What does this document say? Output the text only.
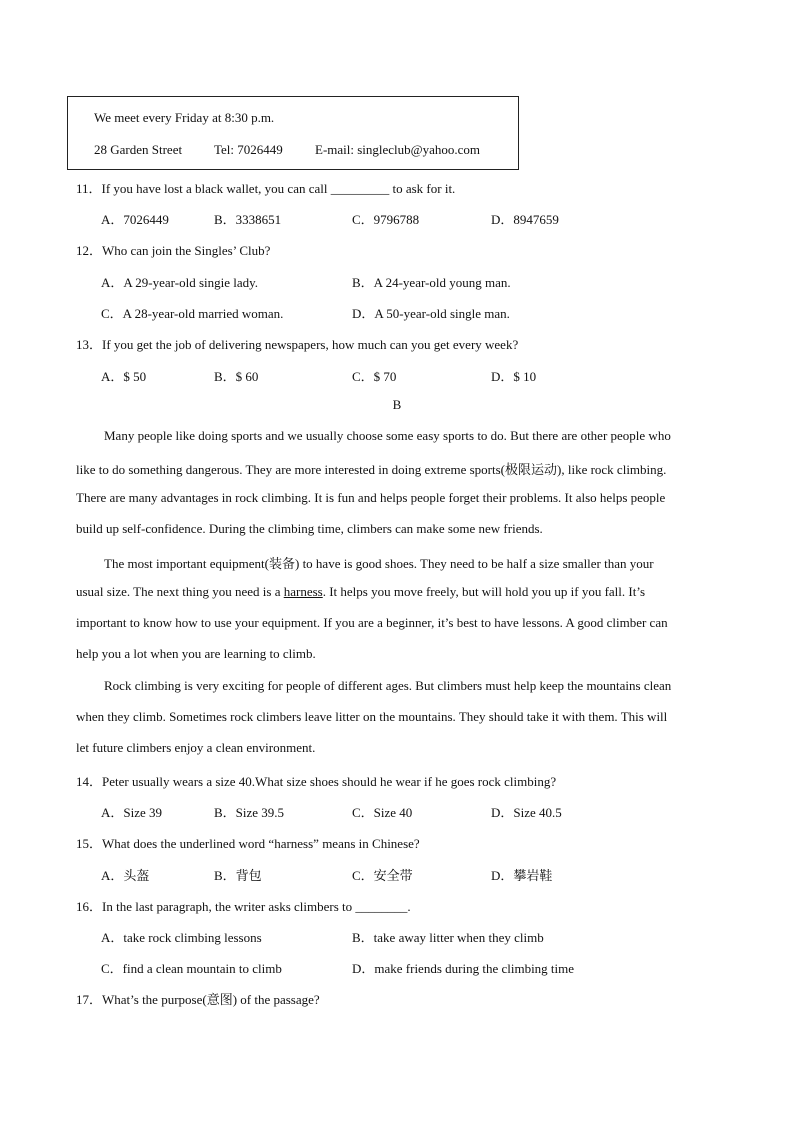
We meet every Friday at 8:30 p.m.
28 Garden Street Tel: 7026449 E-mail: singleclub@yahoo.com
11．If you have lost a black wallet, you can call _________ to ask for it.
A．7026449	B．3338651	C．9796788	D．8947659
12．Who can join the Singles’ Club?
A．A 29-year-old singie lady.	B．A 24-year-old young man.
C．A 28-year-old married woman.	D．A 50-year-old single man.
13．If you get the job of delivering newspapers, how much can you get every week?
A．$ 50	B．$ 60	C．$ 70	D．$ 10
B
Many people like doing sports and we usually choose some easy sports to do. But there are other people who
like to do something dangerous. They are more interested in doing extreme sports(极限运动), like rock climbing.
There are many advantages in rock climbing. It is fun and helps people forget their problems. It also helps people
build up self-confidence. During the climbing time, climbers can make some new friends.
The most important equipment(装备) to have is good shoes. They need to be half a size smaller than your
usual size. The next thing you need is a harness. It helps you move freely, but will hold you up if you fall. It’s
important to know how to use your equipment. If you are a beginner, it’s best to have lessons. A good climber can
help you a lot when you are learning to climb.
Rock climbing is very exciting for people of different ages. But climbers must help keep the mountains clean
when they climb. Sometimes rock climbers leave litter on the mountains. They should take it with them. This will
let future climbers enjoy a clean environment.
14．Peter usually wears a size 40.What size shoes should he wear if he goes rock climbing?
A．Size 39	B．Size 39.5	C．Size 40	D．Size 40.5
15．What does the underlined word “harness” means in Chinese?
A．头盔	B．背包	C．安全带	D．攀岩鞋
16．In the last paragraph, the writer asks climbers to ________.
A．take rock climbing lessons	B．take away litter when they climb
C．find a clean mountain to climb	D．make friends during the climbing time
17．What’s the purpose(意图) of the passage?
